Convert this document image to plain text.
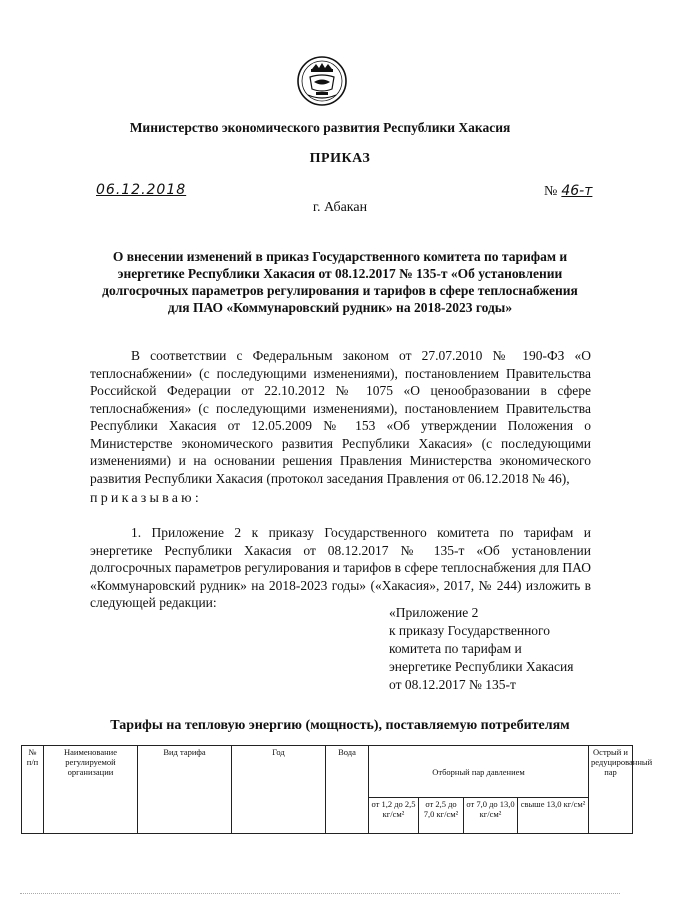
Министерство экономического развития Республики Хакасия
ПРИКАЗ
06.12.2018	№ 46-т
г. Абакан
О внесении изменений в приказ Государственного комитета по тарифам и энергетике Республики Хакасия от 08.12.2017 № 135-т «Об установлении долгосрочных параметров регулирования и тарифов в сфере теплоснабжения для ПАО «Коммунаровский рудник» на 2018-2023 годы»
В соответствии с Федеральным законом от 27.07.2010 № 190-ФЗ «О теплоснабжении» (с последующими изменениями), постановлением Правительства Российской Федерации от 22.10.2012 № 1075 «О ценообразовании в сфере теплоснабжения» (с последующими изменениями), постановлением Правительства Республики Хакасия от 12.05.2009 № 153 «Об утверждении Положения о Министерстве экономического развития Республики Хакасия» (с последующими изменениями) и на основании решения Правления Министерства экономического развития Республики Хакасия (протокол заседания Правления от 06.12.2018 № 46),
приказываю:
1. Приложение 2 к приказу Государственного комитета по тарифам и энергетике Республики Хакасия от 08.12.2017 № 135-т «Об установлении долгосрочных параметров регулирования и тарифов в сфере теплоснабжения для ПАО «Коммунаровский рудник» на 2018-2023 годы» («Хакасия», 2017, № 244) изложить в следующей редакции:
«Приложение 2
к приказу Государственного
комитета по тарифам и
энергетике Республики Хакасия
от 08.12.2017 № 135-т
Тарифы на тепловую энергию (мощность), поставляемую потребителям
№ п/п	Наименование регулируемой организации	Вид тарифа	Год	Вода	Отборный пар давлением				Острый и редуцированный пар
					от 1,2 до 2,5 кг/см²	от 2,5 до 7,0 кг/см²	от 7,0 до 13,0 кг/см²	свыше 13,0 кг/см²	
